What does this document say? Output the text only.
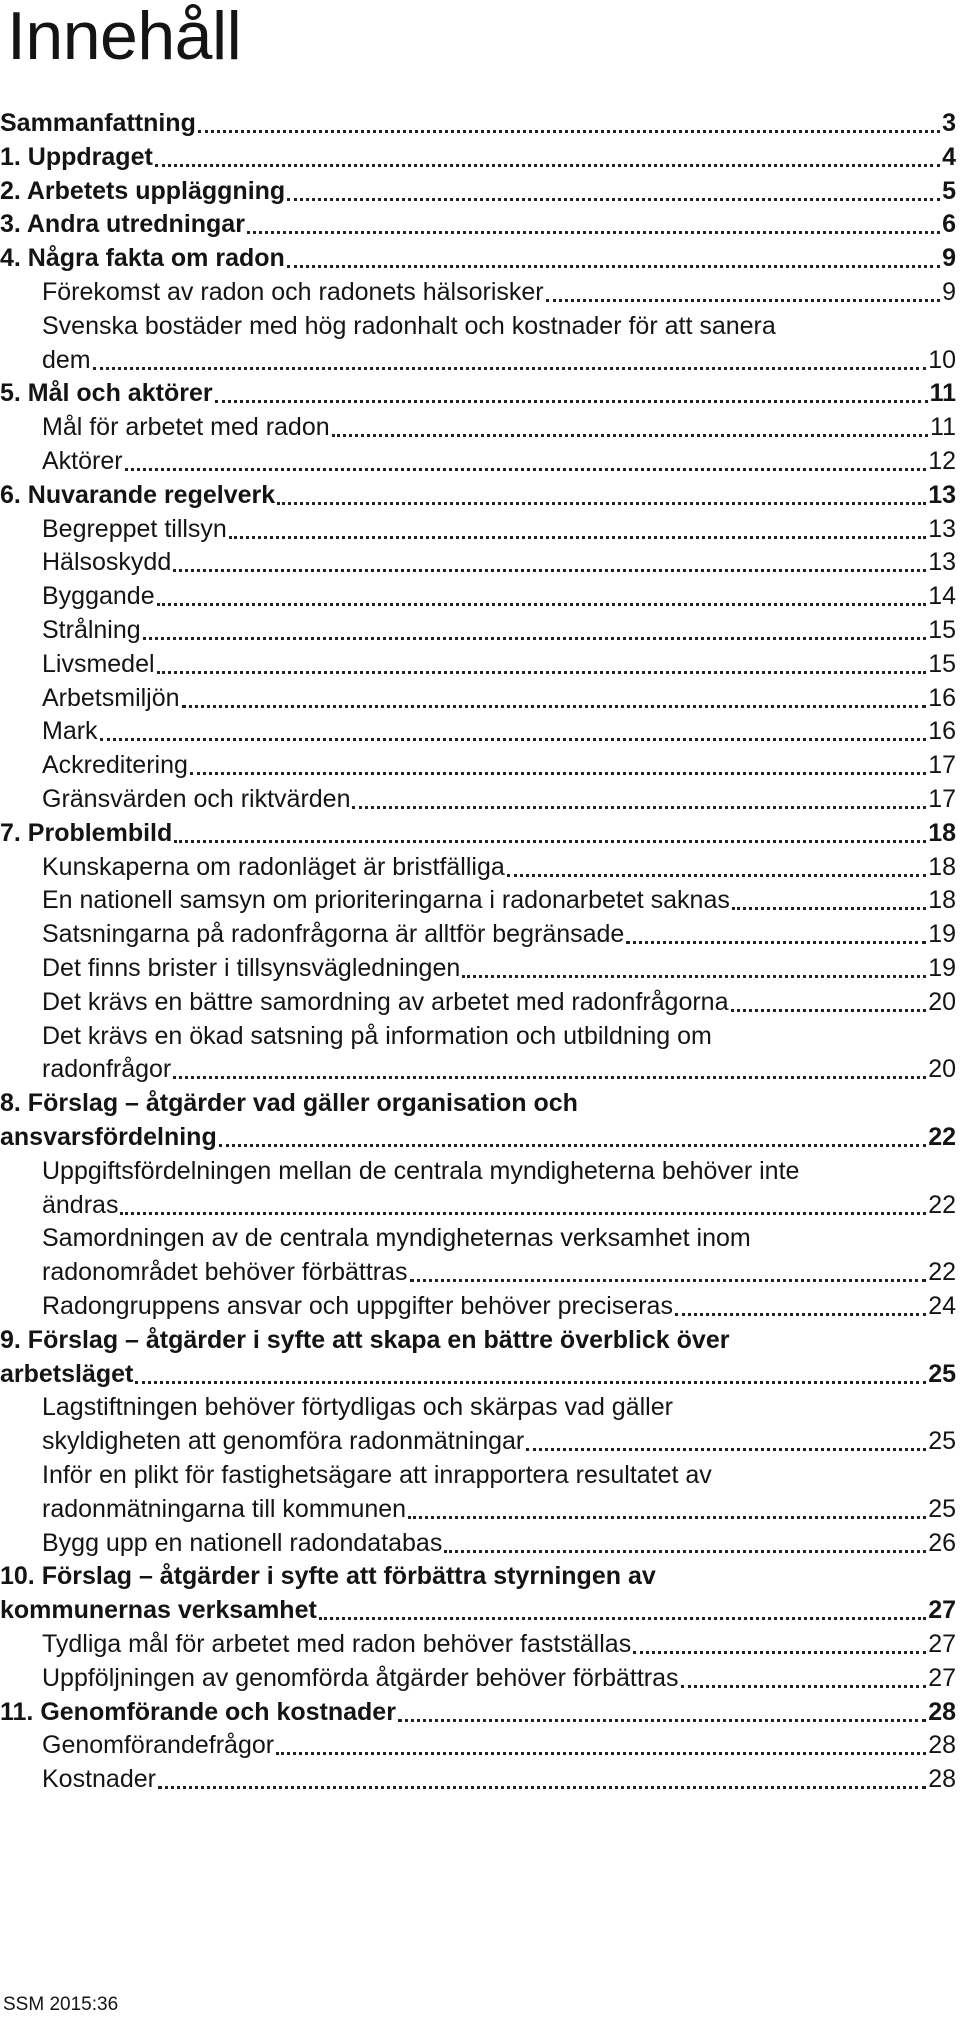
Innehåll
Sammanfattning	3
1. Uppdraget	4
2. Arbetets uppläggning	5
3. Andra utredningar	6
4. Några fakta om radon	9
Förekomst av radon och radonets hälsorisker	9
Svenska bostäder med hög radonhalt och kostnader för att sanera
dem	10
5. Mål och aktörer	11
Mål för arbetet med radon	11
Aktörer	12
6. Nuvarande regelverk	13
Begreppet tillsyn	13
Hälsoskydd	13
Byggande	14
Strålning	15
Livsmedel	15
Arbetsmiljön	16
Mark	16
Ackreditering	17
Gränsvärden och riktvärden	17
7. Problembild	18
Kunskaperna om radonläget är bristfälliga	18
En nationell samsyn om prioriteringarna i radonarbetet saknas	18
Satsningarna på radonfrågorna är alltför begränsade	19
Det finns brister i tillsynsvägledningen	19
Det krävs en bättre samordning av arbetet med radonfrågorna	20
Det krävs en ökad satsning på information och utbildning om
radonfrågor	20
8. Förslag – åtgärder vad gäller organisation och
ansvarsfördelning	22
Uppgiftsfördelningen mellan de centrala myndigheterna behöver inte
ändras	22
Samordningen av de centrala myndigheternas verksamhet inom
radonområdet behöver förbättras	22
Radongruppens ansvar och uppgifter behöver preciseras	24
9. Förslag – åtgärder i syfte att skapa en bättre överblick över
arbetsläget	25
Lagstiftningen behöver förtydligas och skärpas vad gäller
skyldigheten att genomföra radonmätningar	25
Inför en plikt för fastighetsägare att inrapportera resultatet av
radonmätningarna till kommunen	25
Bygg upp en nationell radondatabas	26
10. Förslag – åtgärder i syfte att förbättra styrningen av
kommunernas verksamhet	27
Tydliga mål för arbetet med radon behöver fastställas	27
Uppföljningen av genomförda åtgärder behöver förbättras	27
11. Genomförande och kostnader	28
Genomförandefrågor	28
Kostnader	28
SSM 2015:36
